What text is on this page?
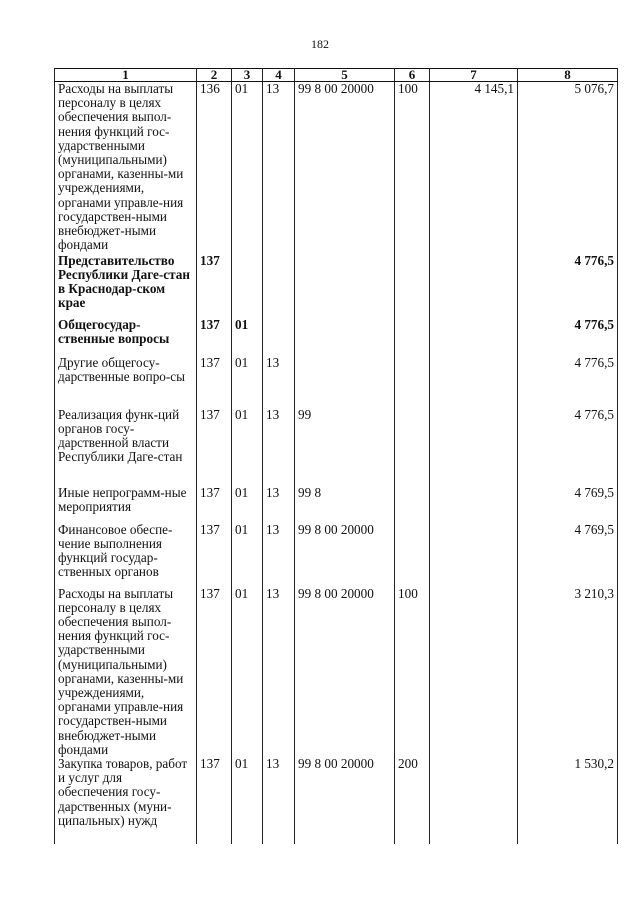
182
1	2	3	4	5	6	7	8
Расходы на выплаты персоналу в целях обеспечения выпол-нения функций гос-ударственными (муниципальными) органами, казенны-ми учреждениями, органами управле-ния государствен-ными внебюджет-ными фондами	136	01	13	99 8 00 20000	100	4 145,1	5 076,7
Представительство Республики Даге-стан в Краснодар-ском крае	137						4 776,5
Общегосудар-ственные вопросы	137	01					4 776,5
Другие общегосу-дарственные вопро-сы	137	01	13				4 776,5
Реализация функ-ций органов госу-дарственной власти Республики Даге-стан	137	01	13	99			4 776,5
Иные непрограмм-ные мероприятия	137	01	13	99 8			4 769,5
Финансовое обеспе-чение выполнения функций государ-ственных органов	137	01	13	99 8 00 20000			4 769,5
Расходы на выплаты персоналу в целях обеспечения выпол-нения функций гос-ударственными (муниципальными) органами, казенны-ми учреждениями, органами управле-ния государствен-ными внебюджет-ными фондами	137	01	13	99 8 00 20000	100		3 210,3
Закупка товаров, работ и услуг для обеспечения госу-дарственных (муни-ципальных) нужд	137	01	13	99 8 00 20000	200		1 530,2
